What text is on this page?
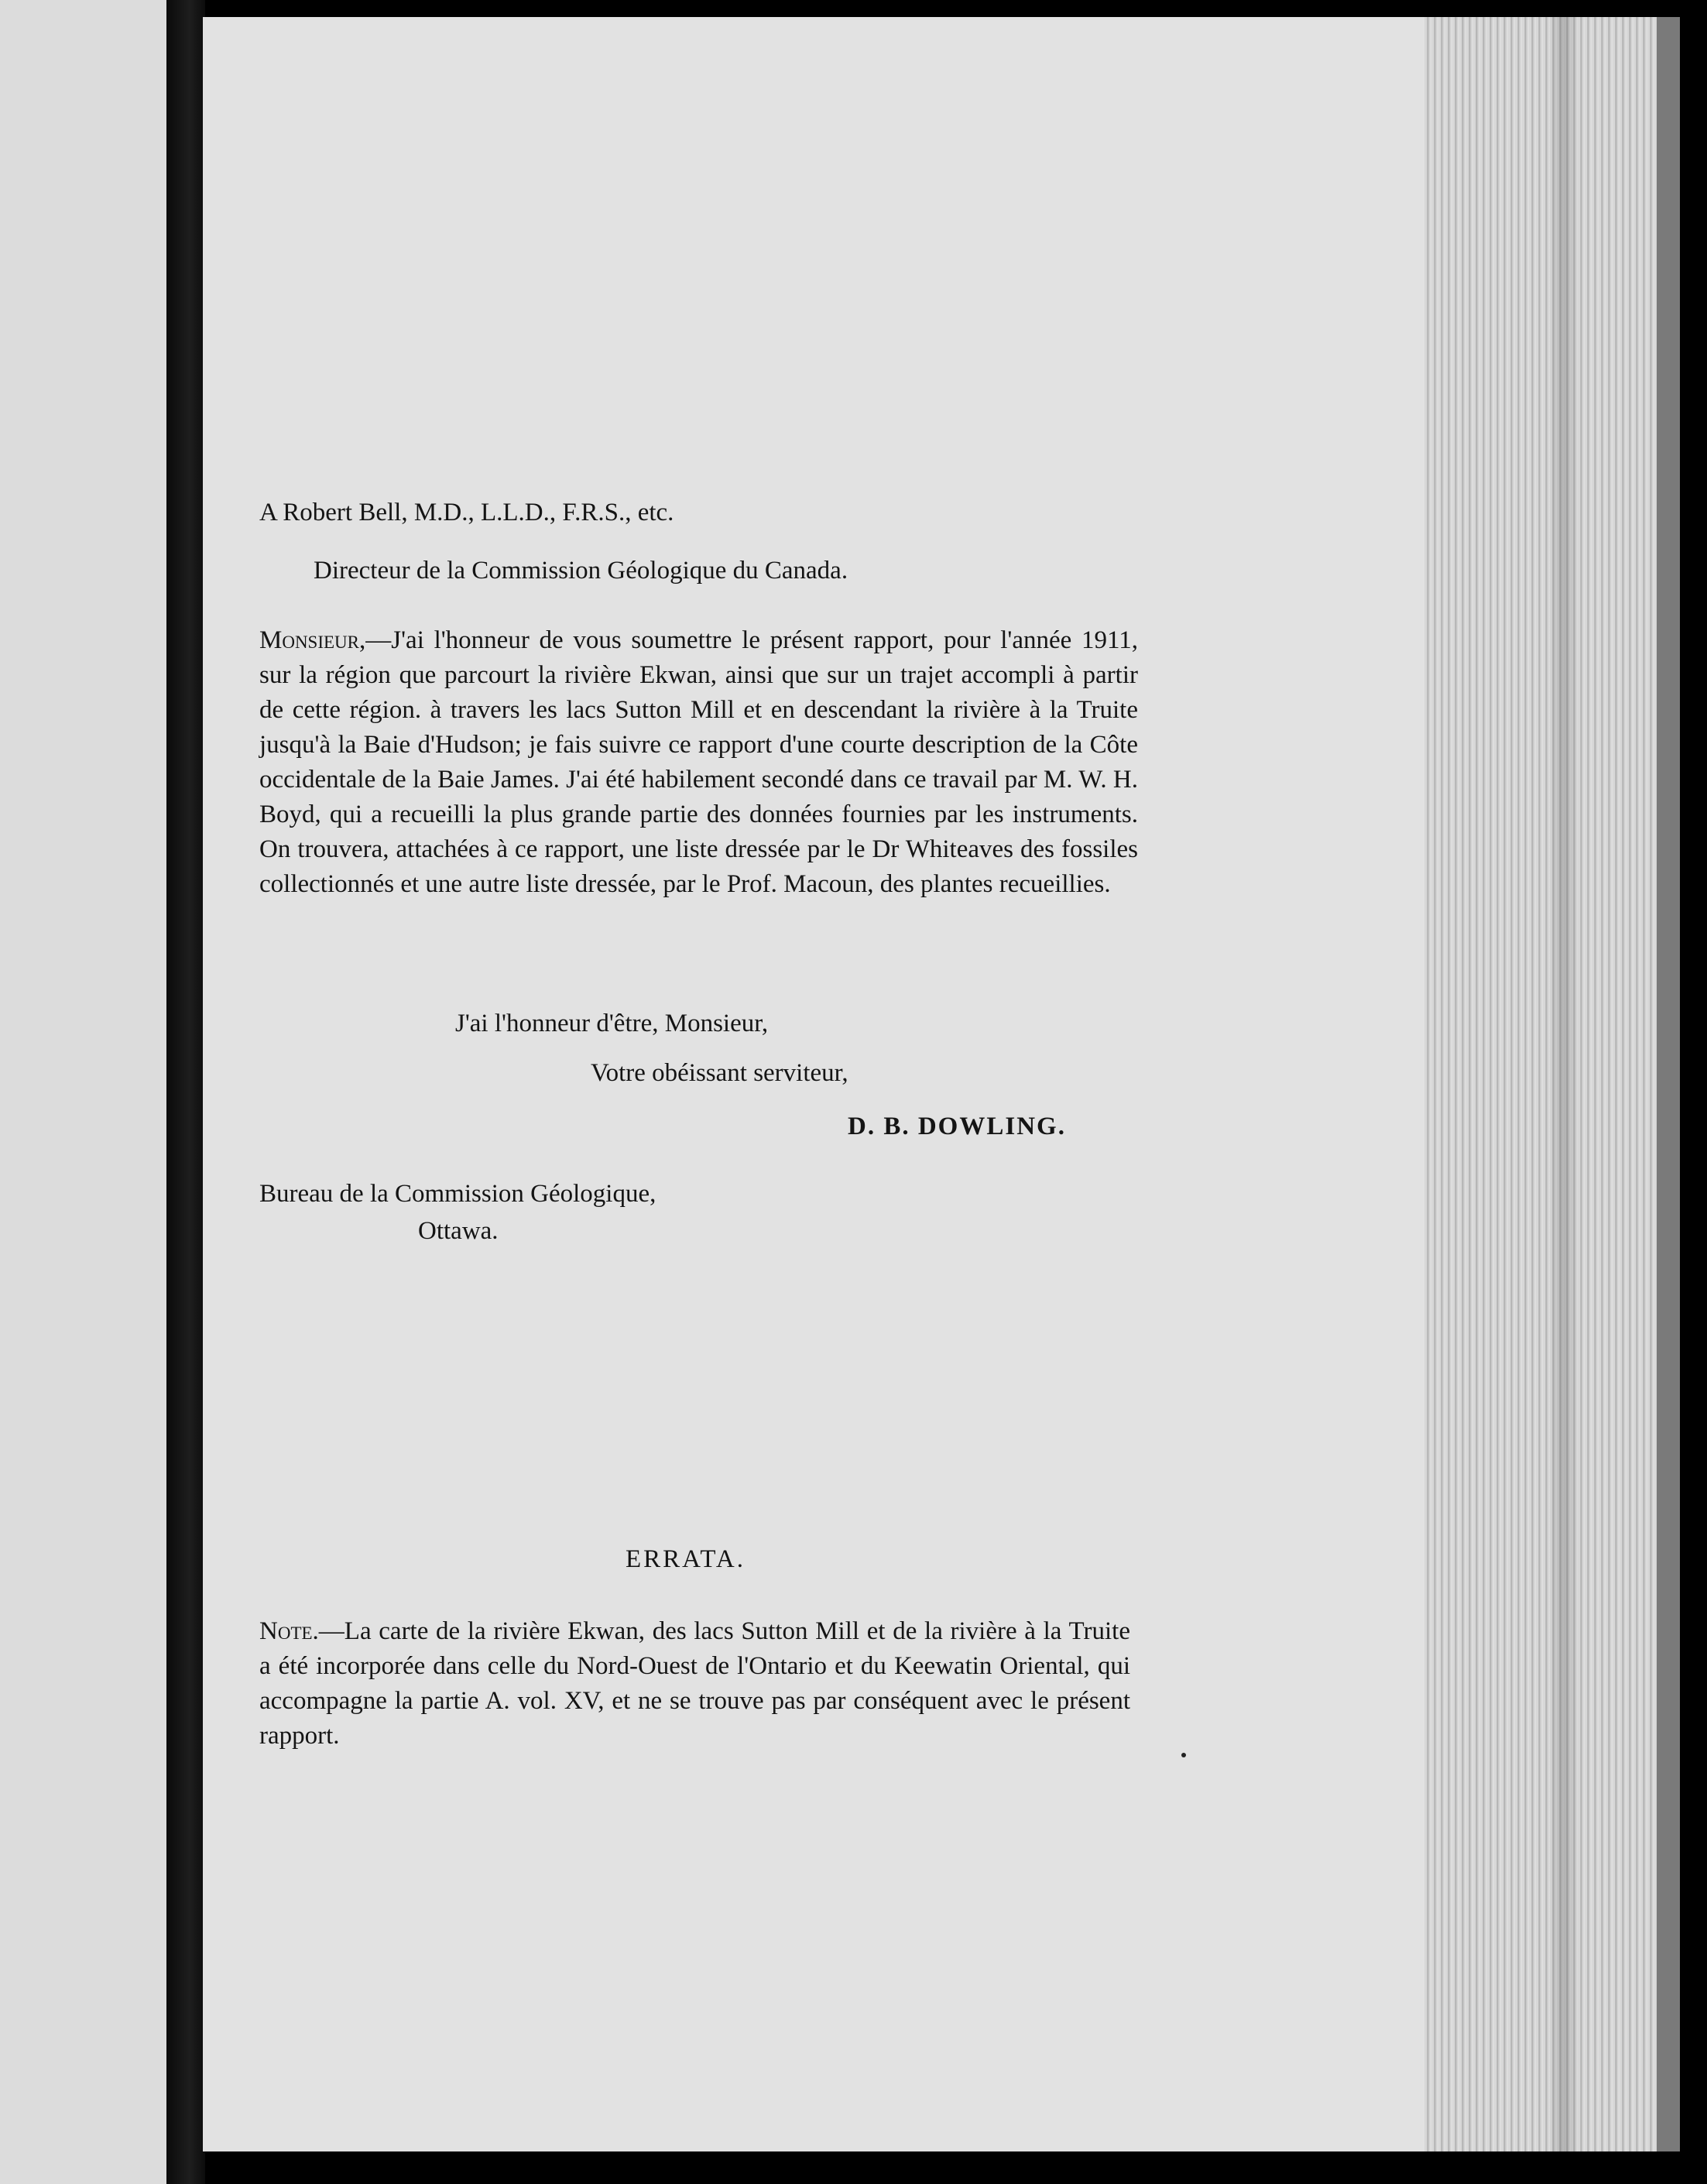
A Robert Bell, M.D., L.L.D., F.R.S., etc.

Directeur de la Commission Géologique du Canada.

Monsieur,—J'ai l'honneur de vous soumettre le présent rapport, pour l'année 1911, sur la région que parcourt la rivière Ekwan, ainsi que sur un trajet accompli à partir de cette région. à travers les lacs Sutton Mill et en descendant la rivière à la Truite jusqu'à la Baie d'Hudson; je fais suivre ce rapport d'une courte description de la Côte occidentale de la Baie James. J'ai été habilement secondé dans ce travail par M. W. H. Boyd, qui a recueilli la plus grande partie des données fournies par les instruments. On trouvera, attachées à ce rapport, une liste dressée par le Dr Whiteaves des fossiles collectionnés et une autre liste dressée, par le Prof. Macoun, des plantes recueillies.

J'ai l'honneur d'être, Monsieur,

Votre obéissant serviteur,

D. B. DOWLING.

Bureau de la Commission Géologique,

Ottawa.

ERRATA.

Note.—La carte de la rivière Ekwan, des lacs Sutton Mill et de la rivière à la Truite a été incorporée dans celle du Nord-Ouest de l'Ontario et du Keewatin Oriental, qui accompagne la partie A. vol. XV, et ne se trouve pas par conséquent avec le présent rapport.
